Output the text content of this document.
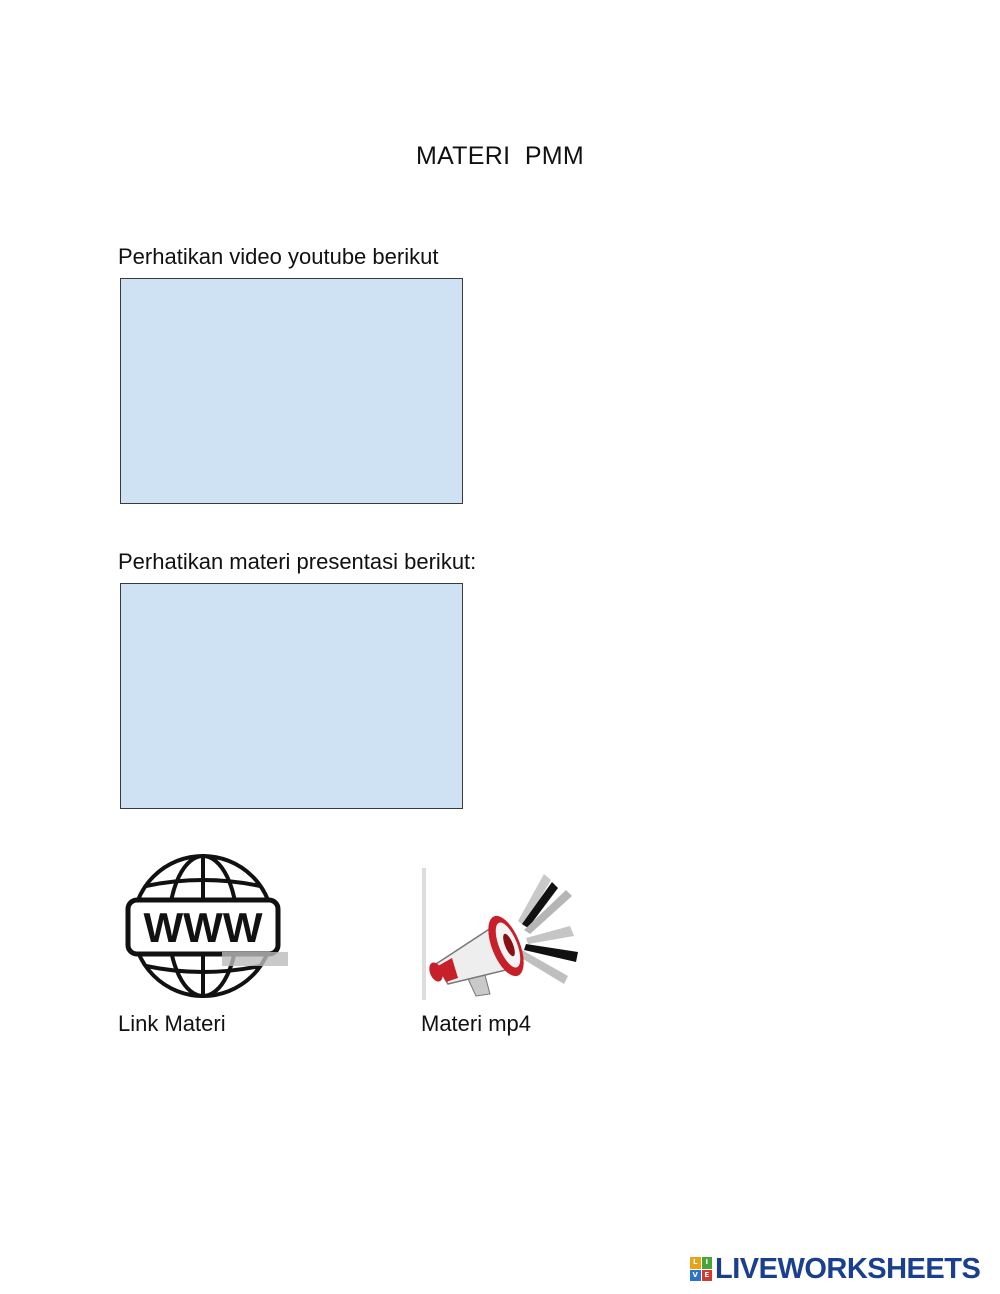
MATERI  PMM
Perhatikan video youtube berikut
Perhatikan materi presentasi berikut:
WWW
Link Materi	Materi mp4
L	I
V E LIVEWORKSHEETS
